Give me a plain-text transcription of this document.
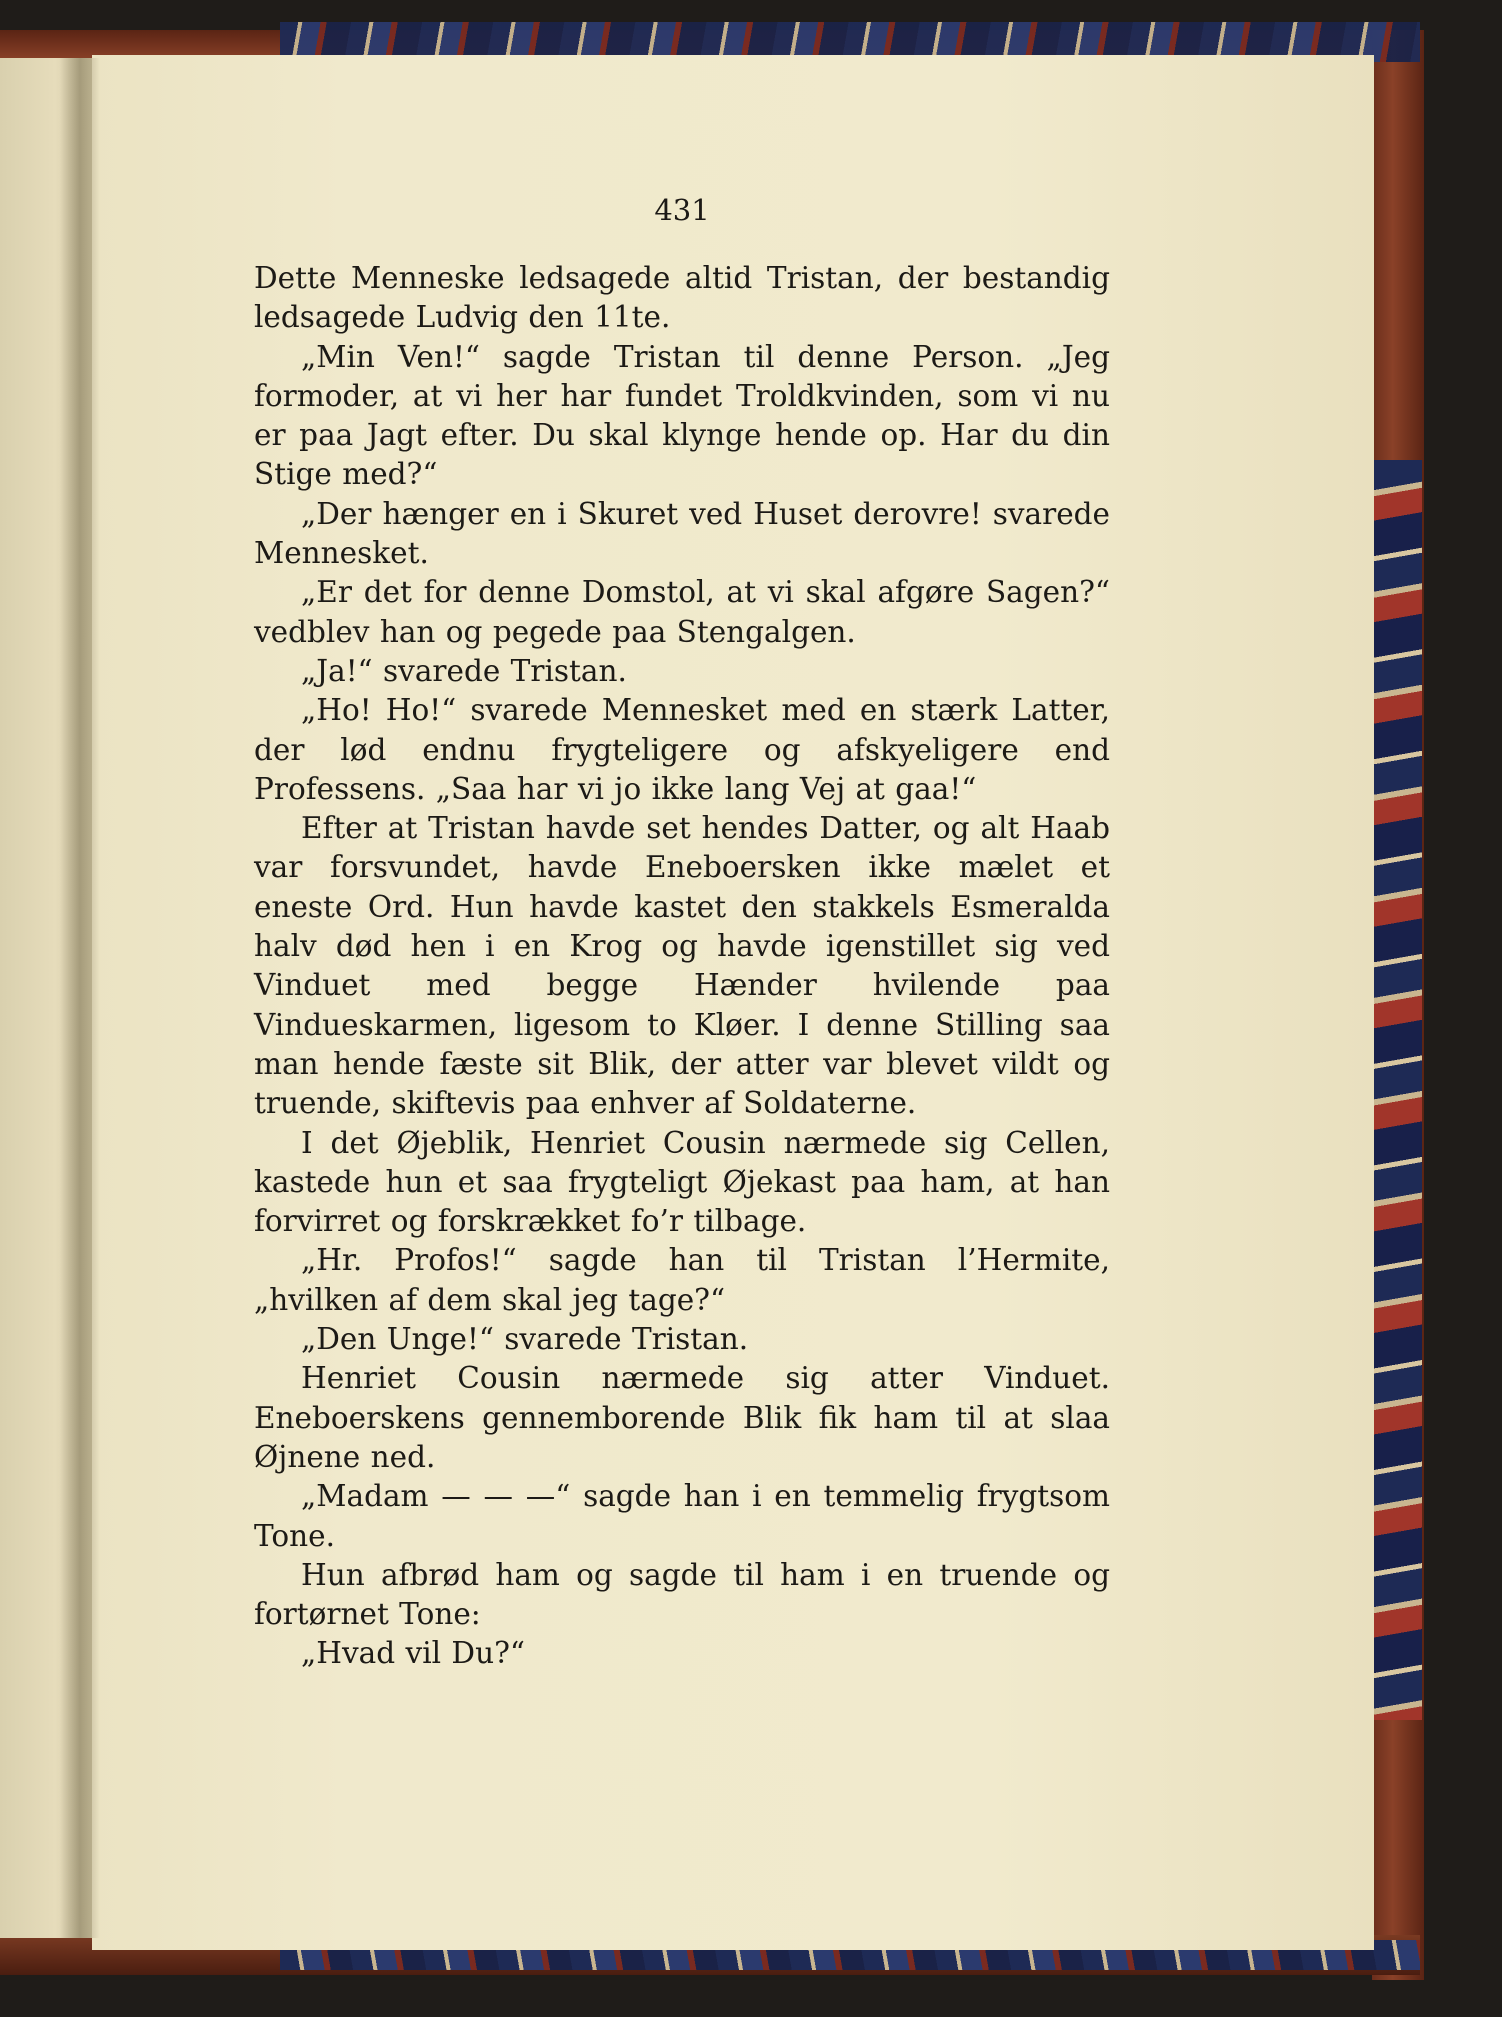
431

Dette Menneske ledsagede altid Tristan, der bestandig ledsagede Ludvig den 11te.

„Min Ven!“ sagde Tristan til denne Person. „Jeg formoder, at vi her har fundet Troldkvinden, som vi nu er paa Jagt efter. Du skal klynge hende op. Har du din Stige med?“

„Der hænger en i Skuret ved Huset derovre! svarede Mennesket.

„Er det for denne Domstol, at vi skal afgøre Sagen?“ vedblev han og pegede paa Stengalgen.

„Ja!“ svarede Tristan.

„Ho! Ho!“ svarede Mennesket med en stærk Latter, der lød endnu frygteligere og afskyeligere end Professens. „Saa har vi jo ikke lang Vej at gaa!“

Efter at Tristan havde set hendes Datter, og alt Haab var forsvundet, havde Eneboersken ikke mælet et eneste Ord. Hun havde kastet den stakkels Esmeralda halv død hen i en Krog og havde igenstillet sig ved Vinduet med begge Hænder hvilende paa Vindueskarmen, ligesom to Kløer. I denne Stilling saa man hende fæste sit Blik, der atter var blevet vildt og truende, skiftevis paa enhver af Soldaterne.

I det Øjeblik, Henriet Cousin nærmede sig Cellen, kastede hun et saa frygteligt Øjekast paa ham, at han forvirret og forskrækket fo’r tilbage.

„Hr. Profos!“ sagde han til Tristan l’Hermite, „hvilken af dem skal jeg tage?“

„Den Unge!“ svarede Tristan.

Henriet Cousin nærmede sig atter Vinduet. Eneboerskens gennemborende Blik fik ham til at slaa Øjnene ned.

„Madam — — —“ sagde han i en temmelig frygtsom Tone.

Hun afbrød ham og sagde til ham i en truende og fortørnet Tone:

„Hvad vil Du?“
